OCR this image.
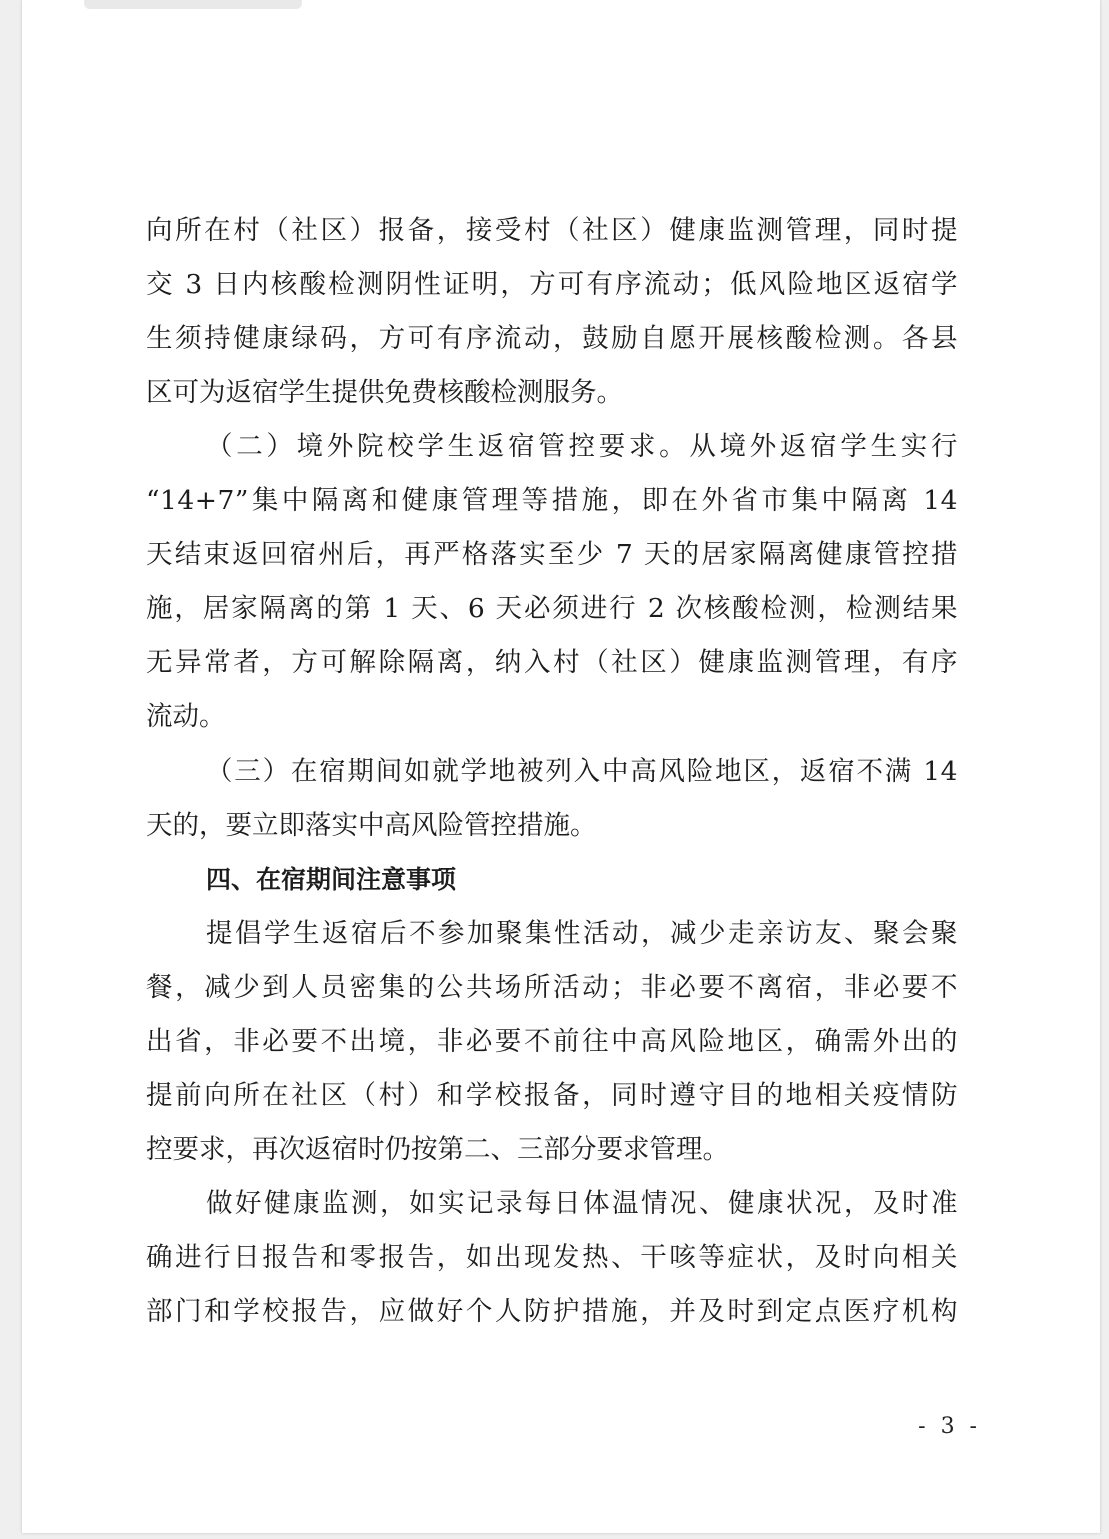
向所在村（社区）报备，接受村（社区）健康监测管理，同时提
交 3 日内核酸检测阴性证明，方可有序流动；低风险地区返宿学
生须持健康绿码，方可有序流动，鼓励自愿开展核酸检测。各县
区可为返宿学生提供免费核酸检测服务。
（二）境外院校学生返宿管控要求。从境外返宿学生实行
“14+7”集中隔离和健康管理等措施，即在外省市集中隔离 14
天结束返回宿州后，再严格落实至少 7 天的居家隔离健康管控措
施，居家隔离的第 1 天、6 天必须进行 2 次核酸检测，检测结果
无异常者，方可解除隔离，纳入村（社区）健康监测管理，有序
流动。
（三）在宿期间如就学地被列入中高风险地区，返宿不满 14
天的，要立即落实中高风险管控措施。
四、在宿期间注意事项
提倡学生返宿后不参加聚集性活动，减少走亲访友、聚会聚
餐，减少到人员密集的公共场所活动；非必要不离宿，非必要不
出省，非必要不出境，非必要不前往中高风险地区，确需外出的
提前向所在社区（村）和学校报备，同时遵守目的地相关疫情防
控要求，再次返宿时仍按第二、三部分要求管理。
做好健康监测，如实记录每日体温情况、健康状况，及时准
确进行日报告和零报告，如出现发热、干咳等症状，及时向相关
部门和学校报告，应做好个人防护措施，并及时到定点医疗机构
- 3 -
